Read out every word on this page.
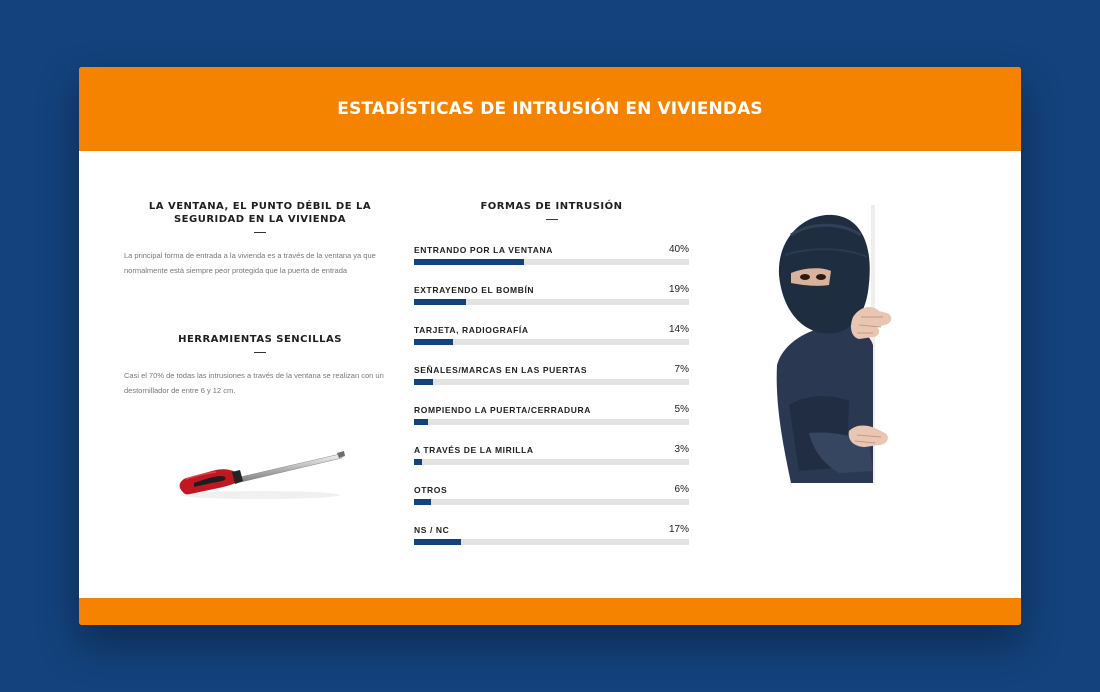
ESTADÍSTICAS DE INTRUSIÓN EN VIVIENDAS
LA VENTANA, EL PUNTO DÉBIL DE LA SEGURIDAD EN LA VIVIENDA
La principal forma de entrada a la vivienda es a través de la ventana ya que normalmente está siempre peor protegida que la puerta de entrada
HERRAMIENTAS SENCILLAS
Casi el 70% de todas las intrusiones a través de la ventana se realizan con un destornillador de entre 6 y 12 cm.
FORMAS DE INTRUSIÓN
ENTRANDO POR LA VENTANA	40%
EXTRAYENDO EL BOMBÍN	19%
TARJETA, RADIOGRAFÍA	14%
SEÑALES/MARCAS EN LAS PUERTAS	7%
ROMPIENDO LA PUERTA/CERRADURA	5%
A TRAVÉS DE LA MIRILLA	3%
OTROS	6%
NS / NC	17%
